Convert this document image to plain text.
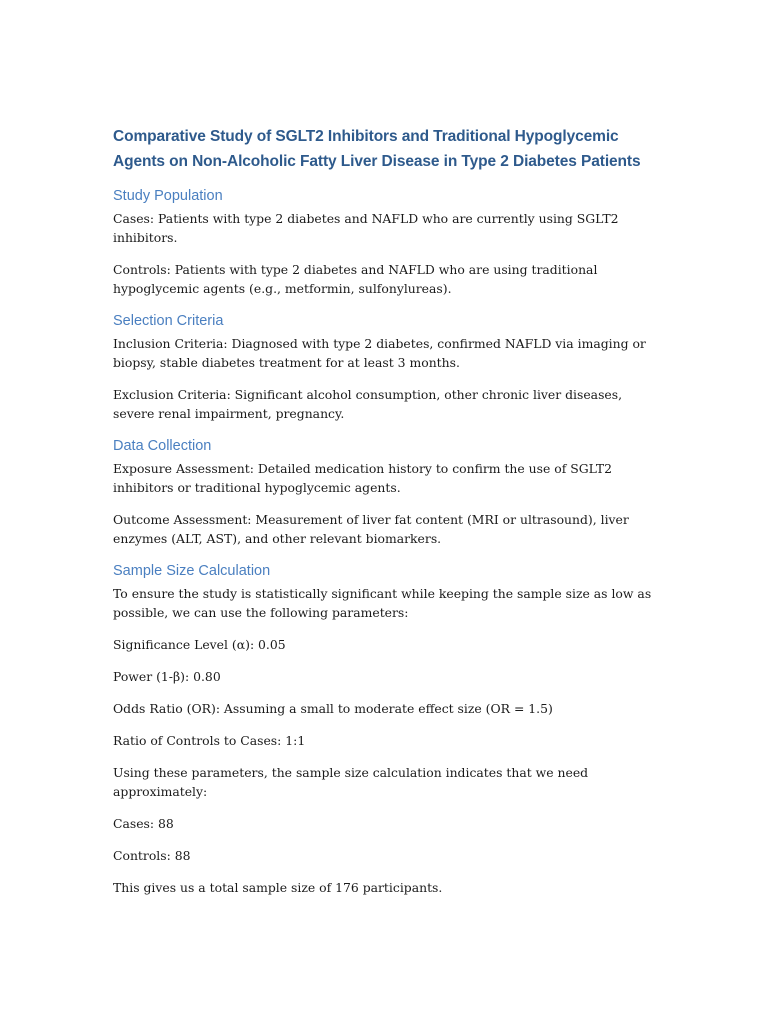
Comparative Study of SGLT2 Inhibitors and Traditional Hypoglycemic Agents on Non-Alcoholic Fatty Liver Disease in Type 2 Diabetes Patients
Study Population

Cases: Patients with type 2 diabetes and NAFLD who are currently using SGLT2 inhibitors.

Controls: Patients with type 2 diabetes and NAFLD who are using traditional hypoglycemic agents (e.g., metformin, sulfonylureas).

Selection Criteria

Inclusion Criteria: Diagnosed with type 2 diabetes, confirmed NAFLD via imaging or biopsy, stable diabetes treatment for at least 3 months.

Exclusion Criteria: Significant alcohol consumption, other chronic liver diseases, severe renal impairment, pregnancy.

Data Collection

Exposure Assessment: Detailed medication history to confirm the use of SGLT2 inhibitors or traditional hypoglycemic agents.

Outcome Assessment: Measurement of liver fat content (MRI or ultrasound), liver enzymes (ALT, AST), and other relevant biomarkers.

Sample Size Calculation

To ensure the study is statistically significant while keeping the sample size as low as possible, we can use the following parameters:

Significance Level (α): 0.05

Power (1-β): 0.80

Odds Ratio (OR): Assuming a small to moderate effect size (OR = 1.5)

Ratio of Controls to Cases: 1:1

Using these parameters, the sample size calculation indicates that we need approximately:

Cases: 88

Controls: 88

This gives us a total sample size of 176 participants.
